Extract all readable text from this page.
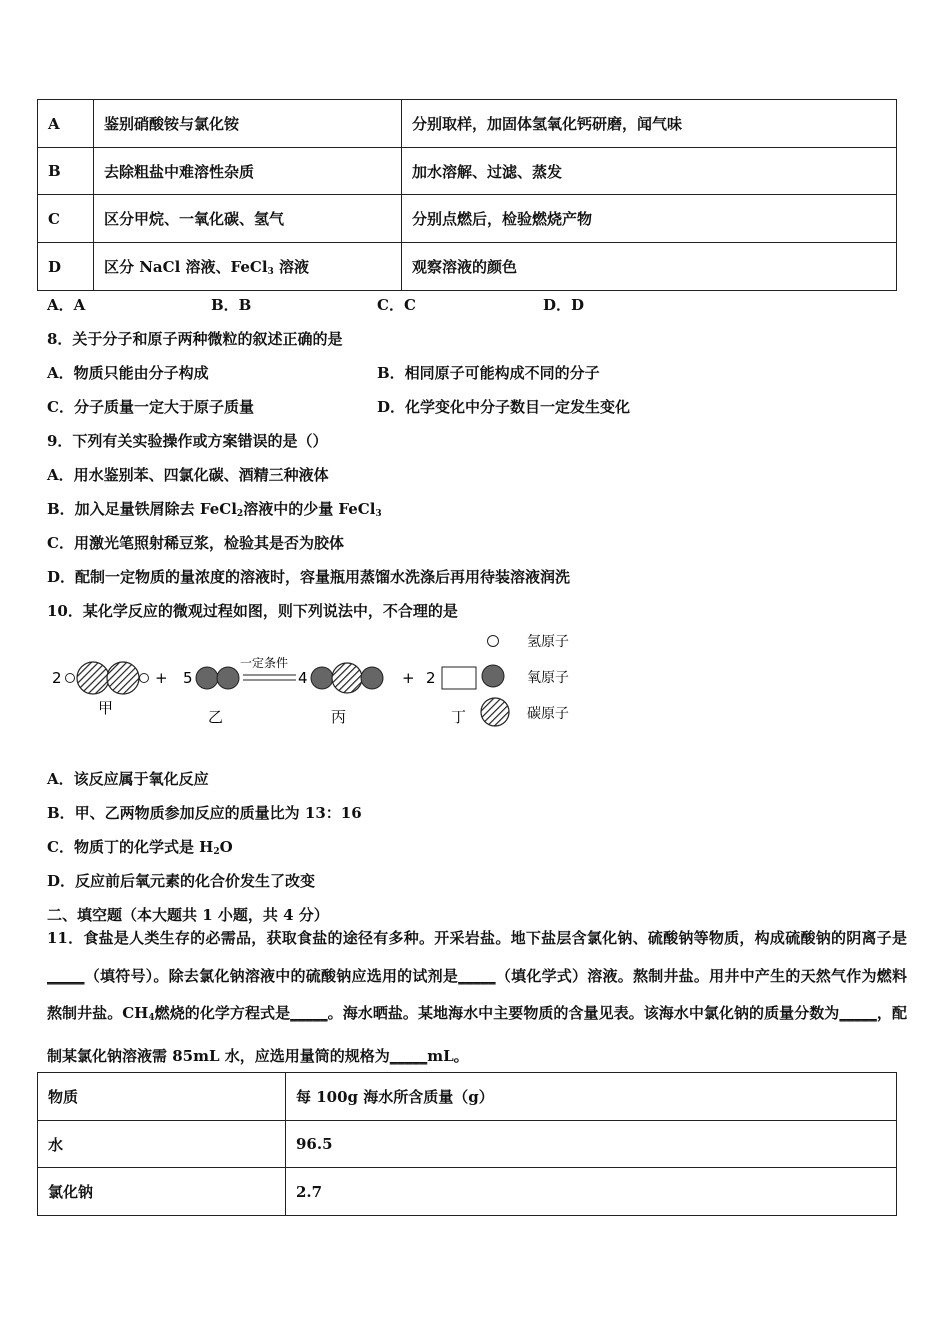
A	鉴别硝酸铵与氯化铵	分别取样，加固体氢氧化钙研磨，闻气味
B	去除粗盐中难溶性杂质	加水溶解、过滤、蒸发
C	区分甲烷、一氧化碳、氢气	分别点燃后，检验燃烧产物
D	区分 NaCl 溶液、FeCl$_3$ 溶液	观察溶液的颜色
A．A	B．B	C．C	D．D
8．关于分子和原子两种微粒的叙述正确的是
A．物质只能由分子构成	B．相同原子可能构成不同的分子
C．分子质量一定大于原子质量	D．化学变化中分子数目一定发生变化
9．下列有关实验操作或方案错误的是（）
A．用水鉴别苯、四氯化碳、酒精三种液体
B．加入足量铁屑除去 FeCl$_2$溶液中的少量 FeCl$_3$
C．用激光笔照射稀豆浆，检验其是否为胶体
D．配制一定物质的量浓度的溶液时，容量瓶用蒸馏水洗涤后再用待装溶液润洗
10．某化学反应的微观过程如图，则下列说法中，不合理的是
2	+
甲
5
乙
一定条件
4
丙
+ 2
丁
氢原子
氧原子
碳原子
A．该反应属于氧化反应
B．甲、乙两物质参加反应的质量比为 13：16
C．物质丁的化学式是 $H_2O$
D．反应前后氧元素的化合价发生了改变
二、填空题（本大题共 1 小题，共 4 分）
11．食盐是人类生存的必需品，获取食盐的途径有多种。开采岩盐。地下盐层含氯化钠、硫酸钠等物质，构成硫酸钠的阴离子是_____（填符号）。除去氯化钠溶液中的硫酸钠应选用的试剂是_____（填化学式）溶液。熬制井盐。用井中产生的天然气作为燃料熬制井盐。$CH_4$燃烧的化学方程式是_____。海水晒盐。某地海水中主要物质的含量见表。该海水中氯化钠的质量分数为_____，配制某氯化钠溶液需 85mL 水，应选用量筒的规格为_____mL。
物质	每 100g 海水所含质量（g）
水	96.5
氯化钠	2.7
